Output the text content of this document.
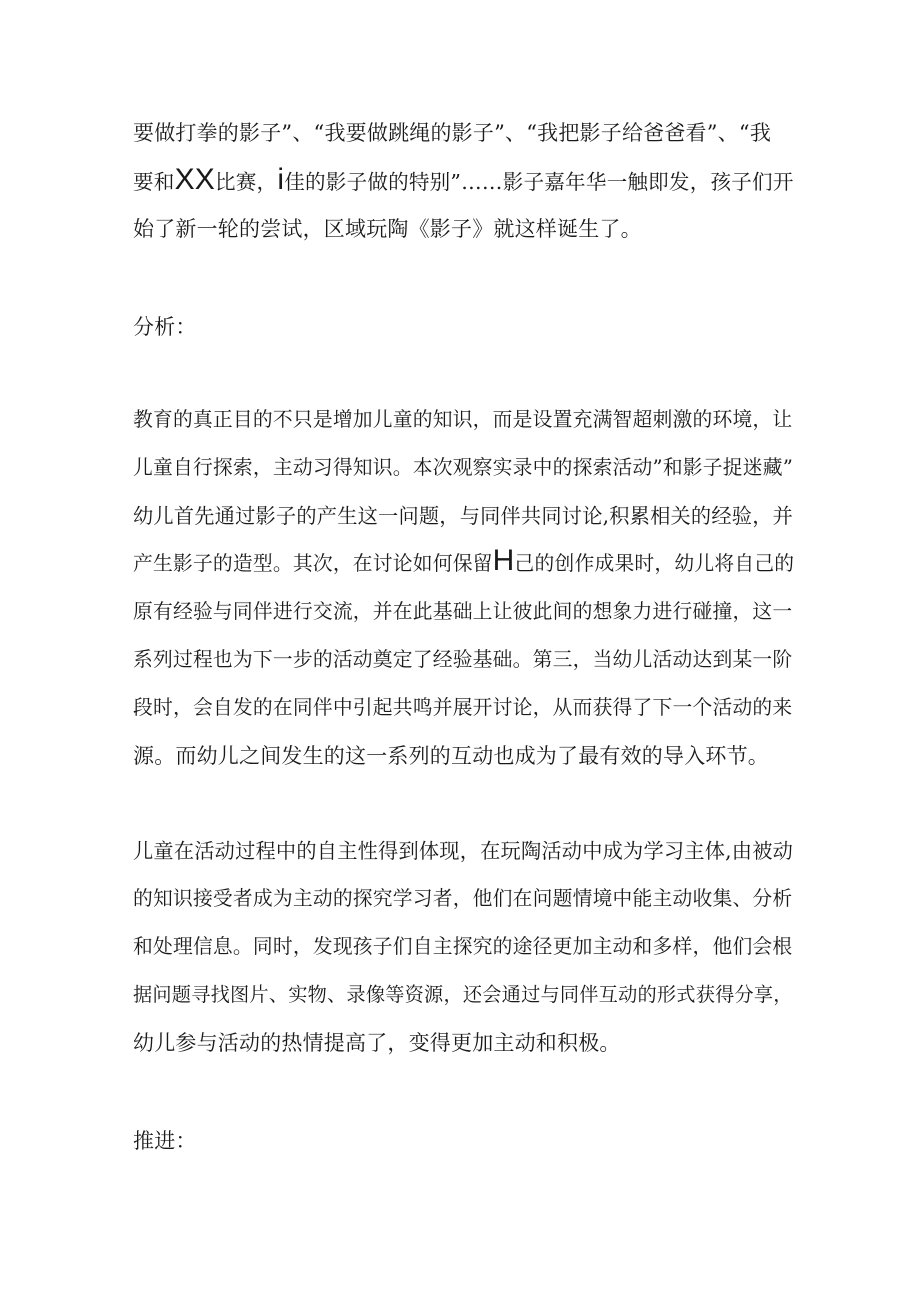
要做打拳的影子”、“我要做跳绳的影子”、“我把影子给爸爸看”、“我
要和XX比赛，i佳的影子做的特别”……影子嘉年华一触即发，孩子们开
始了新一轮的尝试，区域玩陶《影子》就这样诞生了。
分析：
教育的真正目的不只是增加儿童的知识，而是设置充满智超刺激的环境，让
儿童自行探索，主动习得知识。本次观察实录中的探索活动”和影子捉迷藏”
幼儿首先通过影子的产生这一问题，与同伴共同讨论,积累相关的经验，并
产生影子的造型。其次，在讨论如何保留H己的创作成果时，幼儿将自己的
原有经验与同伴进行交流，并在此基础上让彼此间的想象力进行碰撞，这一
系列过程也为下一步的活动奠定了经验基础。第三，当幼儿活动达到某一阶
段时，会自发的在同伴中引起共鸣并展开讨论，从而获得了下一个活动的来
源。而幼儿之间发生的这一系列的互动也成为了最有效的导入环节。
儿童在活动过程中的自主性得到体现，在玩陶活动中成为学习主体,由被动
的知识接受者成为主动的探究学习者，他们在问题情境中能主动收集、分析
和处理信息。同时，发现孩子们自主探究的途径更加主动和多样，他们会根
据问题寻找图片、实物、录像等资源，还会通过与同伴互动的形式获得分享，
幼儿参与活动的热情提高了，变得更加主动和积极。
推进：
